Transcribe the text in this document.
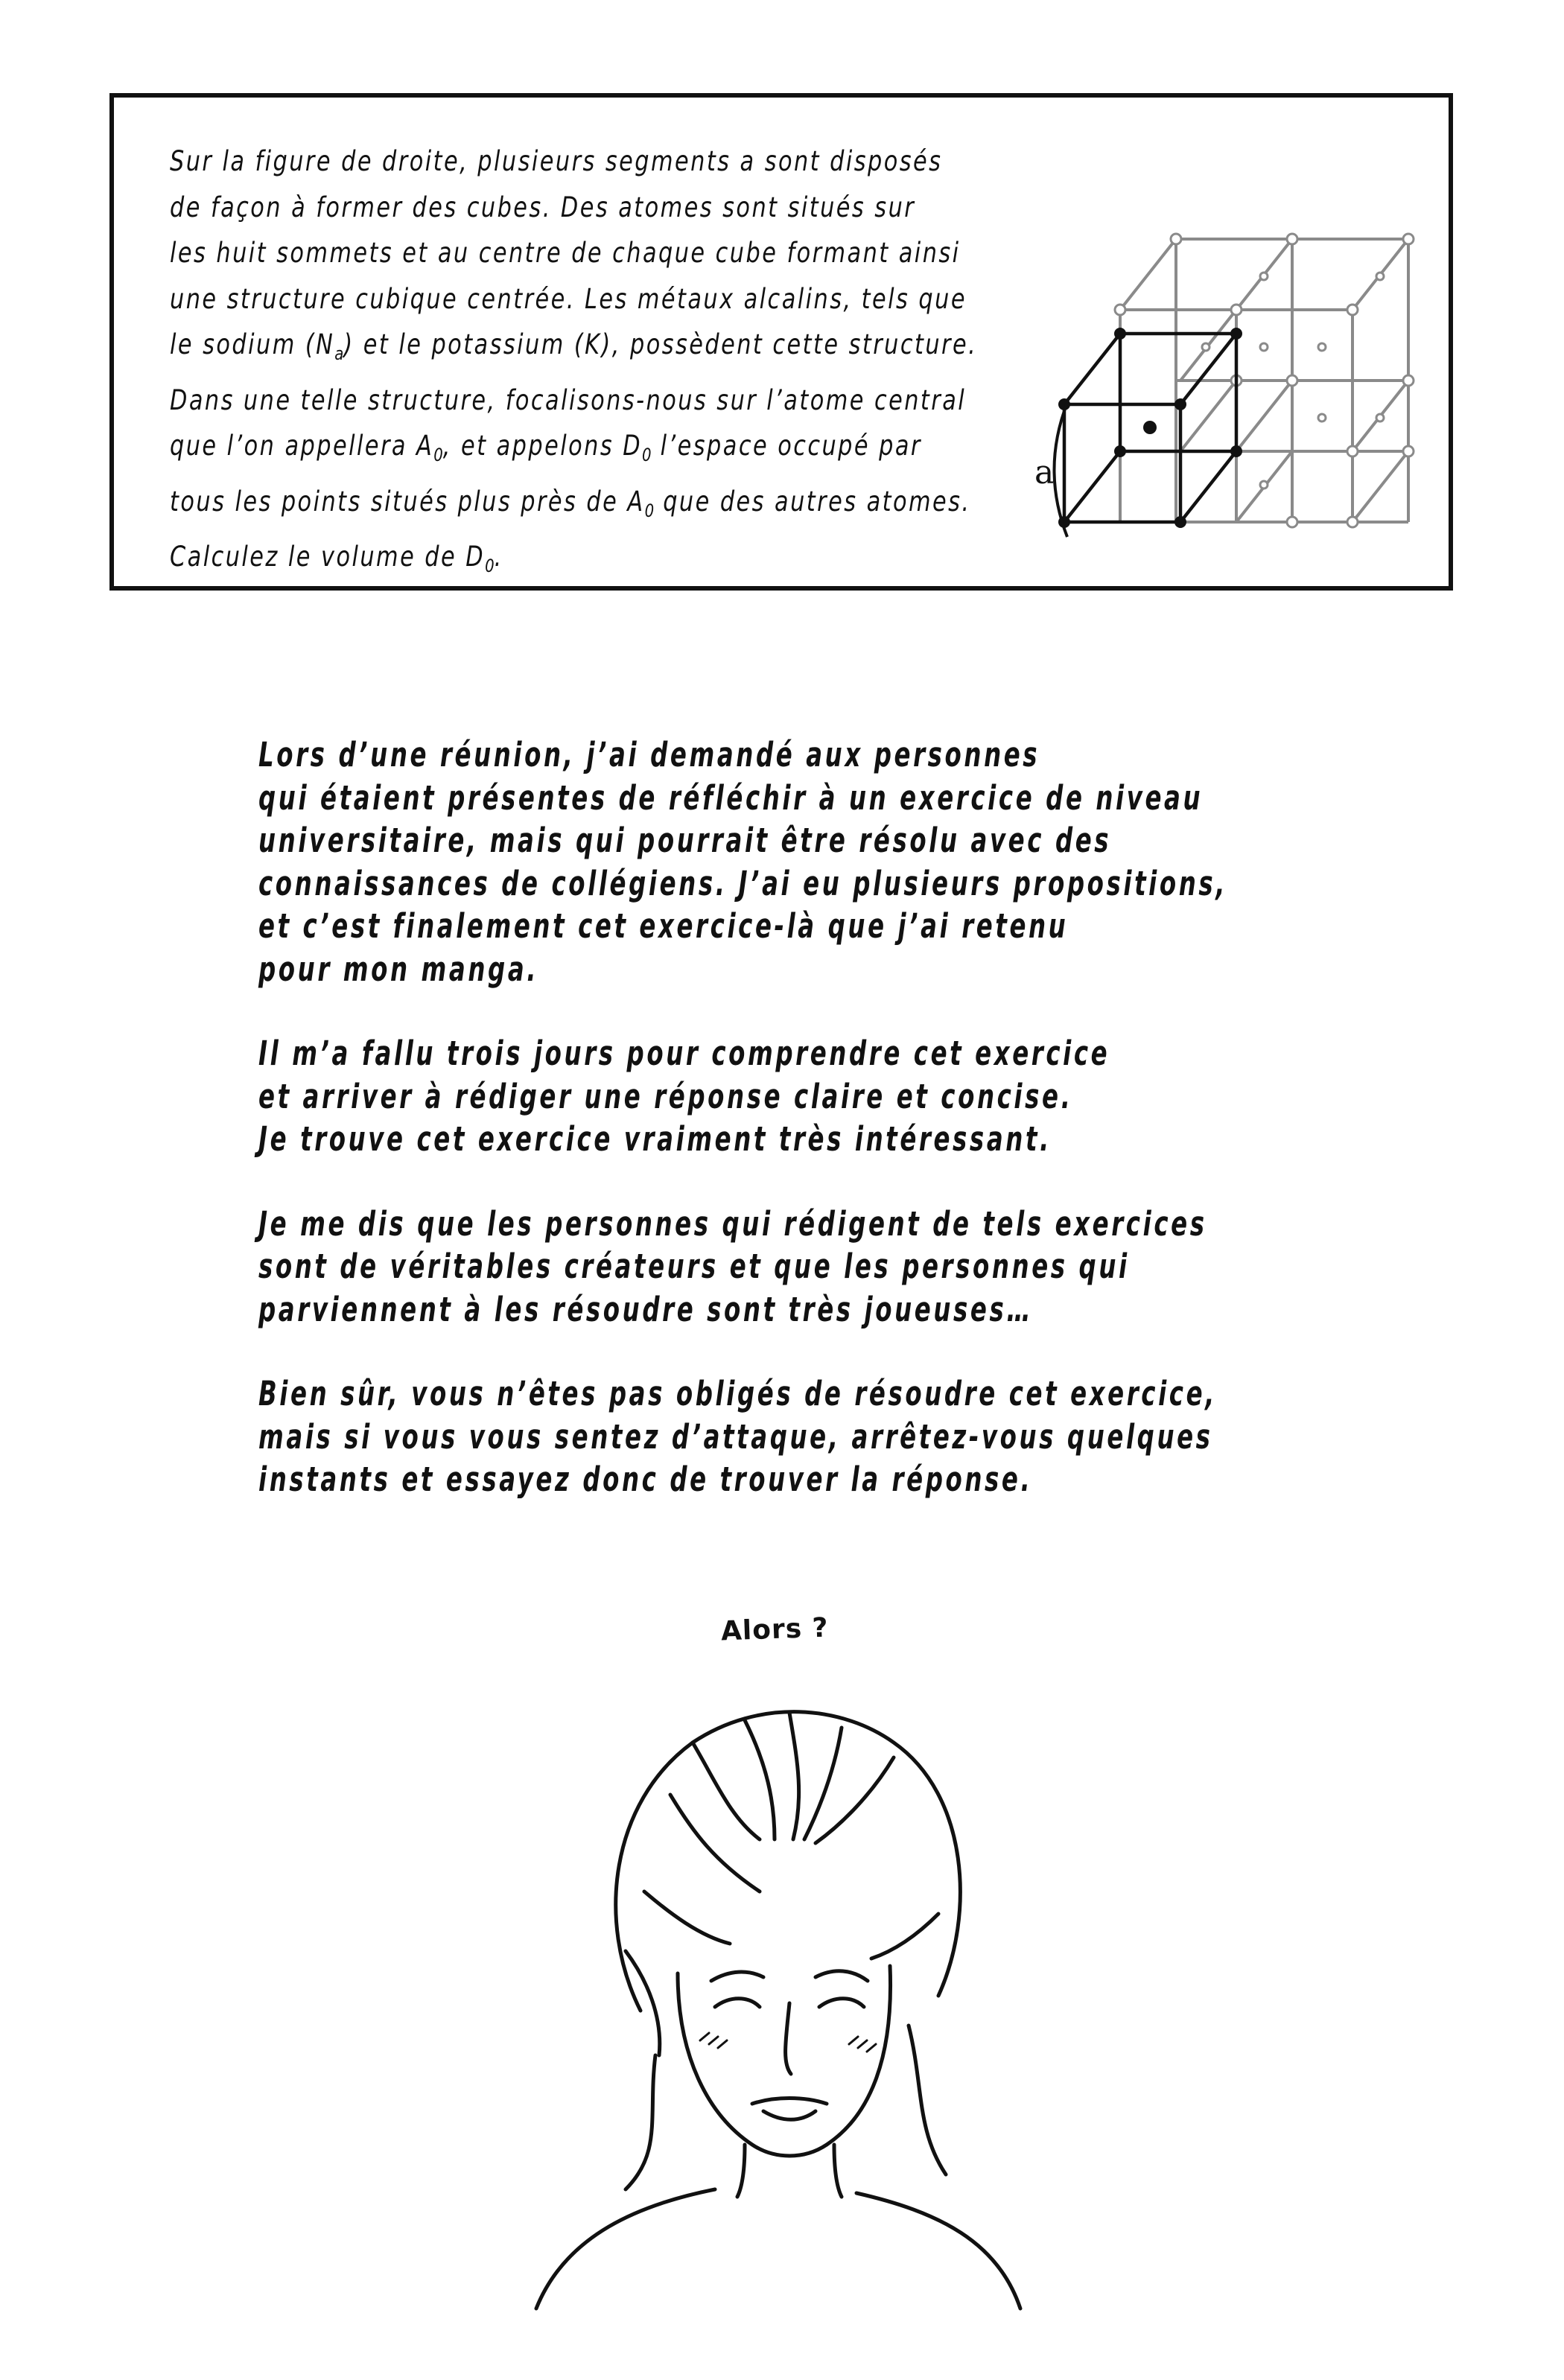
Sur la figure de droite, plusieurs segments a sont disposés
de façon à former des cubes. Des atomes sont situés sur
les huit sommets et au centre de chaque cube formant ainsi
une structure cubique centrée. Les métaux alcalins, tels que
le sodium $(N_a)$ et le potassium (K), possèdent cette structure.
Dans une telle structure, focalisons-nous sur l’atome central
que l’on appellera $A_0$, et appelons $D_0$ l’espace occupé par
tous les points situés plus près de $A_0$ que des autres atomes.
Calculez le volume de $D_0$.
a
Lors d’une réunion, j’ai demandé aux personnes
qui étaient présentes de réfléchir à un exercice de niveau
universitaire, mais qui pourrait être résolu avec des
connaissances de collégiens. J’ai eu plusieurs propositions,
et c’est finalement cet exercice-là que j’ai retenu
pour mon manga.
Il m’a fallu trois jours pour comprendre cet exercice
et arriver à rédiger une réponse claire et concise.
Je trouve cet exercice vraiment très intéressant.
Je me dis que les personnes qui rédigent de tels exercices
sont de véritables créateurs et que les personnes qui
parviennent à les résoudre sont très joueuses…
Bien sûr, vous n’êtes pas obligés de résoudre cet exercice,
mais si vous vous sentez d’attaque, arrêtez-vous quelques
instants et essayez donc de trouver la réponse.
Alors ?
